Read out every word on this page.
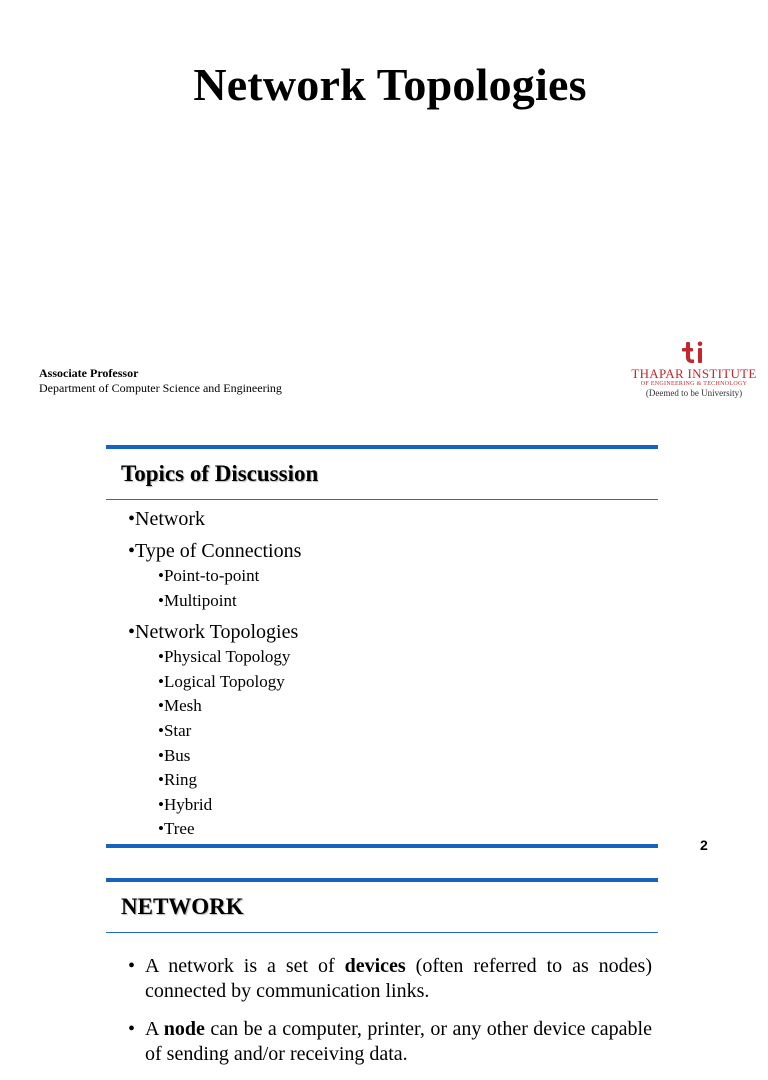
Network Topologies
Associate Professor
Department of Computer Science and Engineering
THAPAR INSTITUTE
OF ENGINEERING & TECHNOLOGY
(Deemed to be University)
Topics of Discussion
• Network
• Type of Connections
• Point-to-point
• Multipoint
• Network Topologies
• Physical Topology
• Logical Topology
• Mesh
• Star
• Bus
• Ring
• Hybrid
• Tree
2
NETWORK
• A network is a set of devices (often referred to as nodes) connected by communication links.
• A node can be a computer, printer, or any other device capable of sending and/or receiving data.
